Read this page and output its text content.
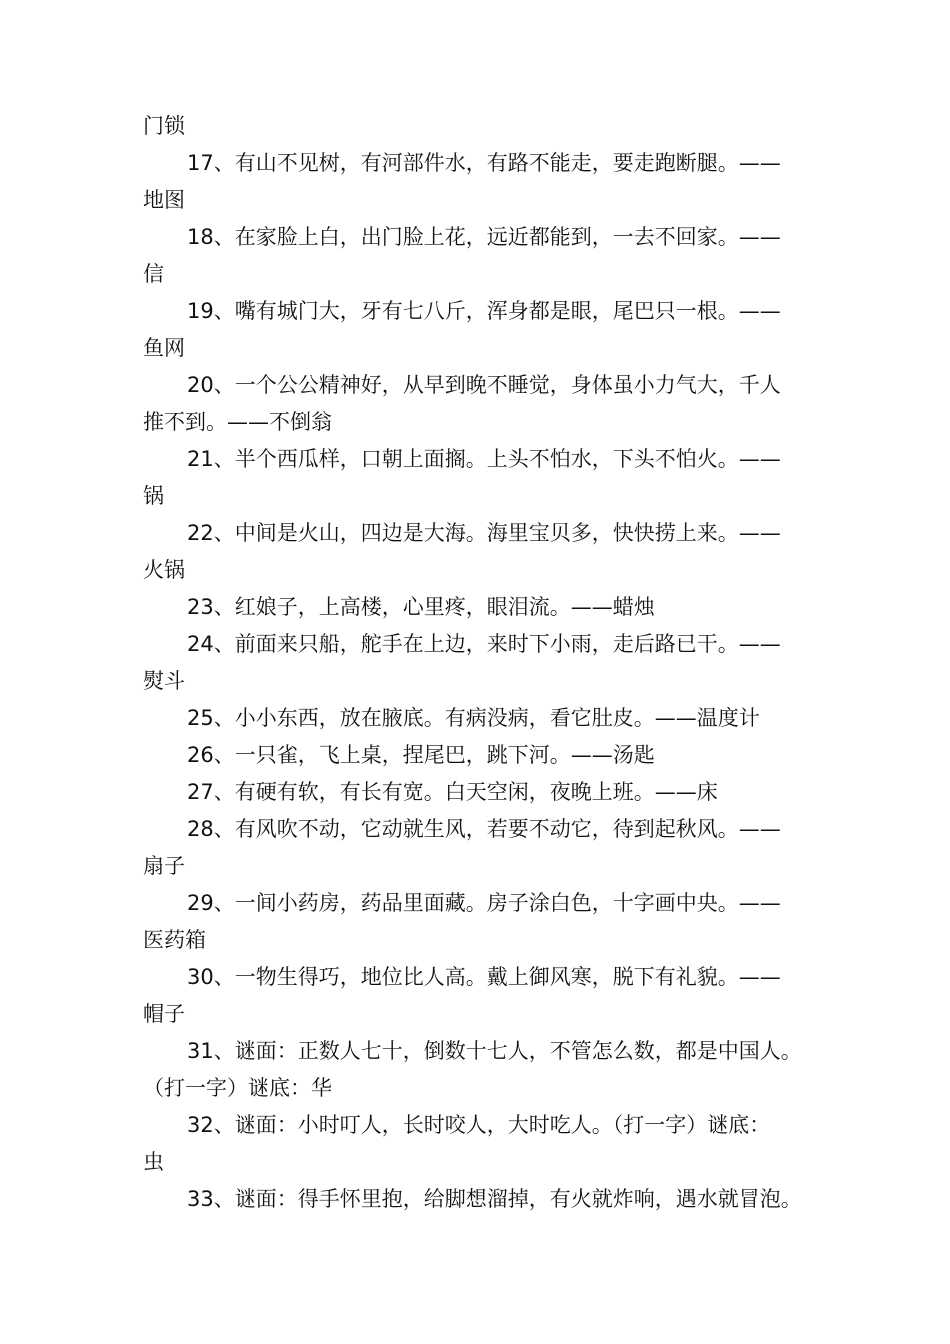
门锁
17、有山不见树，有河部件水，有路不能走，要走跑断腿。——
地图
18、在家脸上白，出门脸上花，远近都能到，一去不回家。——
信
19、嘴有城门大，牙有七八斤，浑身都是眼，尾巴只一根。——
鱼网
20、一个公公精神好，从早到晚不睡觉，身体虽小力气大，千人
推不到。——不倒翁
21、半个西瓜样，口朝上面搁。上头不怕水，下头不怕火。——
锅
22、中间是火山，四边是大海。海里宝贝多，快快捞上来。——
火锅
23、红娘子，上高楼，心里疼，眼泪流。——蜡烛
24、前面来只船，舵手在上边，来时下小雨，走后路已干。——
熨斗
25、小小东西，放在腋底。有病没病，看它肚皮。——温度计
26、一只雀，飞上桌，捏尾巴，跳下河。——汤匙
27、有硬有软，有长有宽。白天空闲，夜晚上班。——床
28、有风吹不动，它动就生风，若要不动它，待到起秋风。——
扇子
29、一间小药房，药品里面藏。房子涂白色，十字画中央。——
医药箱
30、一物生得巧，地位比人高。戴上御风寒，脱下有礼貌。——
帽子
31、谜面：正数人七十，倒数十七人，不管怎么数，都是中国人。
（打一字）谜底：华
32、谜面：小时叮人，长时咬人，大时吃人。（打一字）谜底：
虫
33、谜面：得手怀里抱，给脚想溜掉，有火就炸响，遇水就冒泡。
